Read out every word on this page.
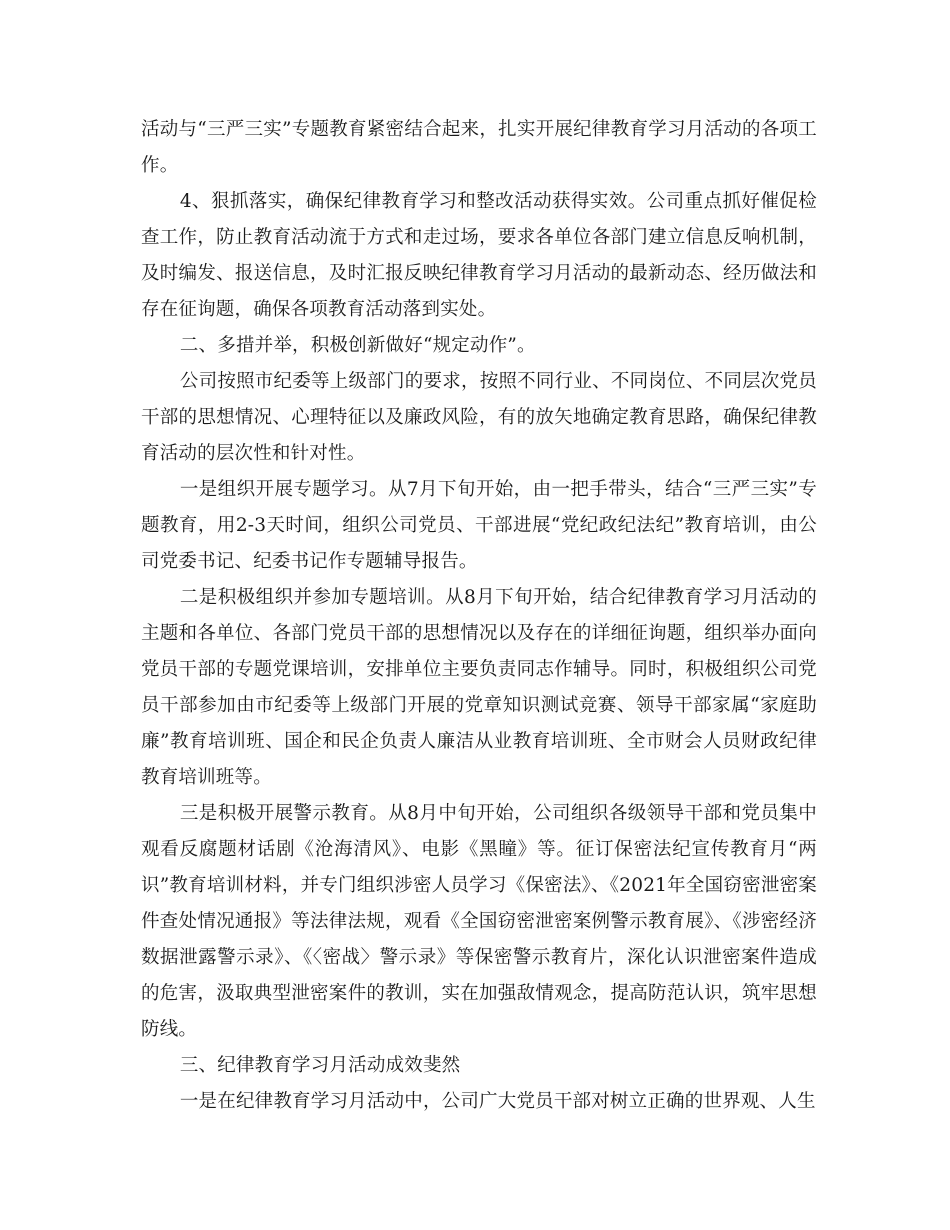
活动与“三严三实”专题教育紧密结合起来，扎实开展纪律教育学习月活动的各项工作。

4、狠抓落实，确保纪律教育学习和整改活动获得实效。公司重点抓好催促检查工作，防止教育活动流于方式和走过场，要求各单位各部门建立信息反响机制，及时编发、报送信息，及时汇报反映纪律教育学习月活动的最新动态、经历做法和存在征询题，确保各项教育活动落到实处。

二、多措并举，积极创新做好“规定动作”。

公司按照市纪委等上级部门的要求，按照不同行业、不同岗位、不同层次党员干部的思想情况、心理特征以及廉政风险，有的放矢地确定教育思路，确保纪律教育活动的层次性和针对性。

一是组织开展专题学习。从7月下旬开始，由一把手带头，结合“三严三实”专题教育，用2-3天时间，组织公司党员、干部进展“党纪政纪法纪”教育培训，由公司党委书记、纪委书记作专题辅导报告。

二是积极组织并参加专题培训。从8月下旬开始，结合纪律教育学习月活动的主题和各单位、各部门党员干部的思想情况以及存在的详细征询题，组织举办面向党员干部的专题党课培训，安排单位主要负责同志作辅导。同时，积极组织公司党员干部参加由市纪委等上级部门开展的党章知识测试竞赛、领导干部家属“家庭助廉”教育培训班、国企和民企负责人廉洁从业教育培训班、全市财会人员财政纪律教育培训班等。

三是积极开展警示教育。从8月中旬开始，公司组织各级领导干部和党员集中观看反腐题材话剧《沧海清风》、电影《黑瞳》等。征订保密法纪宣传教育月“两识”教育培训材料，并专门组织涉密人员学习《保密法》、《2021年全国窃密泄密案件查处情况通报》等法律法规，观看《全国窃密泄密案例警示教育展》、《涉密经济数据泄露警示录》、《〈密战〉警示录》等保密警示教育片，深化认识泄密案件造成的危害，汲取典型泄密案件的教训，实在加强敌情观念，提高防范认识，筑牢思想防线。

三、纪律教育学习月活动成效斐然

一是在纪律教育学习月活动中，公司广大党员干部对树立正确的世界观、人生
